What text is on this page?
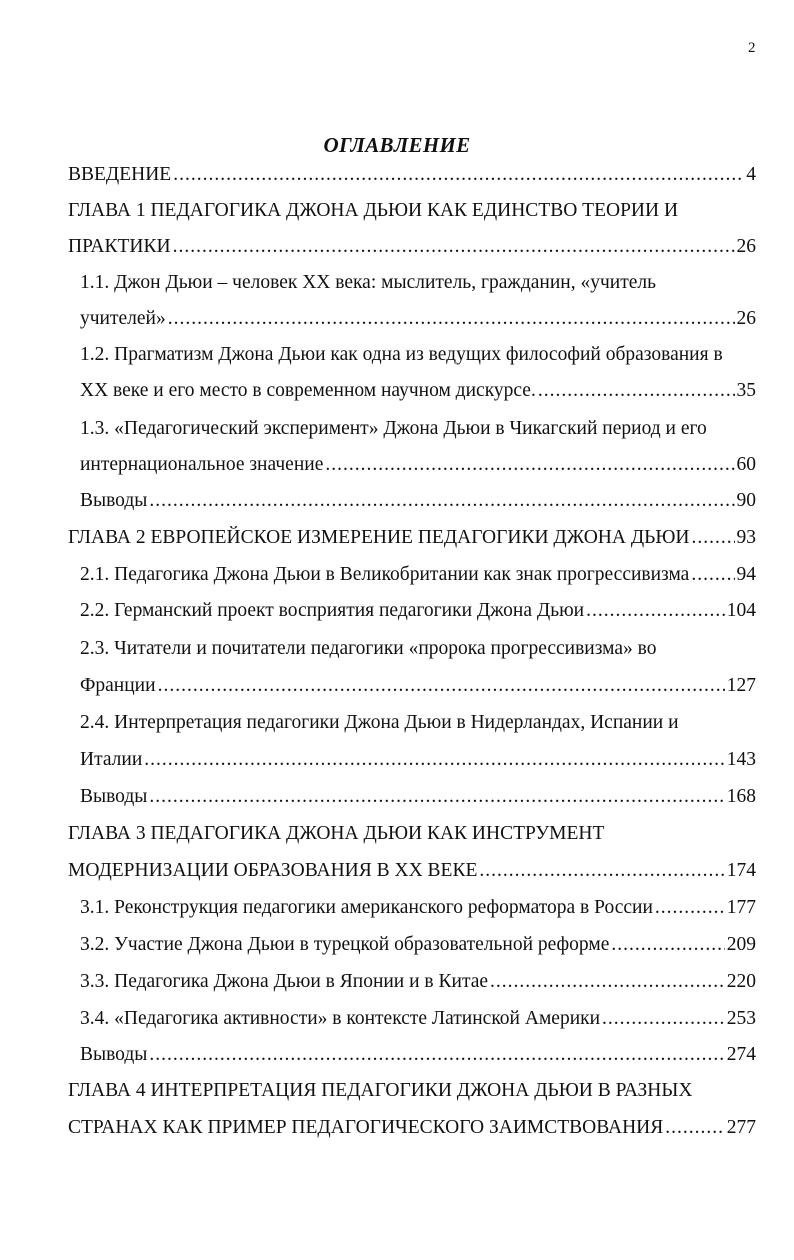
2
ОГЛАВЛЕНИЕ
ВВЕДЕНИЕ .....	4
ГЛАВА 1 ПЕДАГОГИКА ДЖОНА ДЬЮИ КАК ЕДИНСТВО ТЕОРИИ И
ПРАКТИКИ .....	26
1.1. Джон Дьюи – человек XX века: мыслитель, гражданин, «учитель
учителей» .....	26
1.2. Прагматизм Джона Дьюи как одна из ведущих философий образования в
XX веке и его место в современном научном дискурсе. .....	35
1.3. «Педагогический эксперимент» Джона Дьюи в Чикагский период и его
интернациональное значение .....	60
Выводы .....	90
ГЛАВА 2 ЕВРОПЕЙСКОЕ ИЗМЕРЕНИЕ ПЕДАГОГИКИ ДЖОНА ДЬЮИ ..... 93
2.1. Педагогика Джона Дьюи в Великобритании как знак прогрессивизма ..... 94
2.2. Германский проект восприятия педагогики Джона Дьюи .....	104
2.3. Читатели и почитатели педагогики «пророка прогрессивизма» во
Франции .....	127
2.4. Интерпретация педагогики Джона Дьюи в Нидерландах, Испании и
Италии .....	143
Выводы .....	168
ГЛАВА 3 ПЕДАГОГИКА ДЖОНА ДЬЮИ КАК ИНСТРУМЕНТ
МОДЕРНИЗАЦИИ ОБРАЗОВАНИЯ В XX ВЕКЕ .....	174
3.1. Реконструкция педагогики американского реформатора в России .....	177
3.2. Участие Джона Дьюи в турецкой образовательной реформе .....	209
3.3. Педагогика Джона Дьюи в Японии и в Китае .....	220
3.4. «Педагогика активности» в контексте Латинской Америки .....	253
Выводы .....	274
ГЛАВА 4 ИНТЕРПРЕТАЦИЯ ПЕДАГОГИКИ ДЖОНА ДЬЮИ В РАЗНЫХ
СТРАНАХ КАК ПРИМЕР ПЕДАГОГИЧЕСКОГО ЗАИМСТВОВАНИЯ .....	277
